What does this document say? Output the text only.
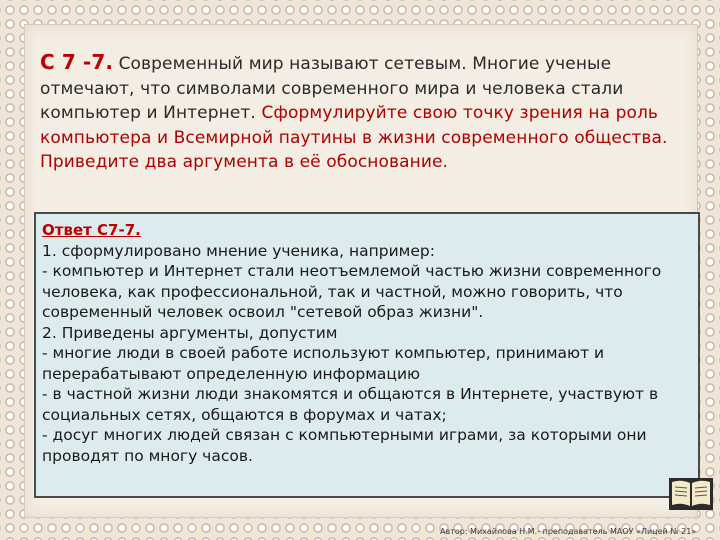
С 7 -7. Современный мир называют сетевым. Многие ученые отмечают, что символами современного мира и человека стали компьютер и Интернет. Сформулируйте свою точку зрения на роль компьютера и Всемирной паутины в жизни современного общества. Приведите два аргумента в её обоснование.

Ответ С7-7.

1. сформулировано мнение ученика, например:

- компьютер и Интернет стали неотъемлемой частью жизни современного человека, как профессиональной, так и частной, можно говорить, что современный человек освоил "сетевой образ жизни".

2. Приведены аргументы, допустим

- многие люди в своей работе используют компьютер, принимают и перерабатывают определенную информацию

- в частной жизни люди знакомятся и общаются в Интернете, участвуют в социальных сетях, общаются в форумах и чатах;

- досуг многих людей связан с компьютерными играми, за которыми они проводят по многу часов.

Автор: Михайлова Н.М.- преподаватель МАОУ «Лицей № 21»
